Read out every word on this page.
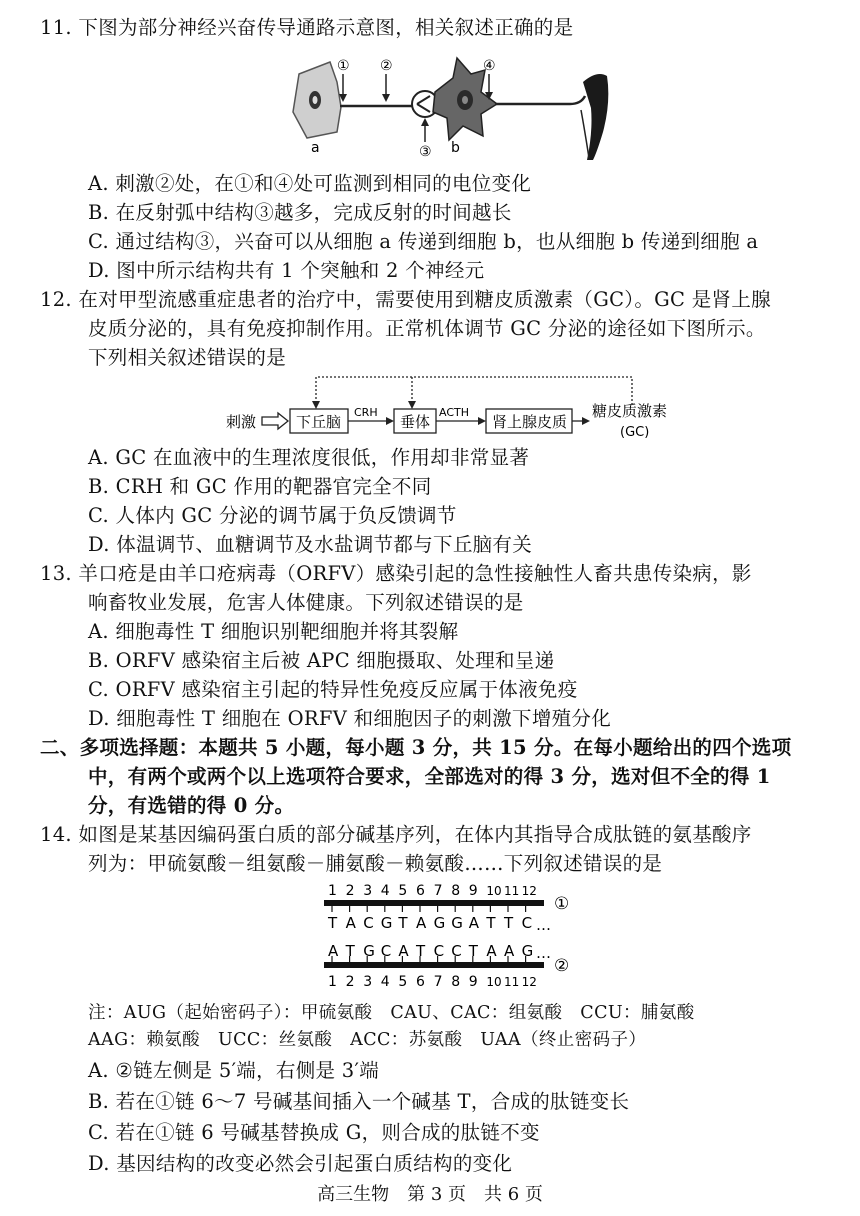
11. 下图为部分神经兴奋传导通路示意图，相关叙述正确的是
① ②	④
③
a	b
A. 刺激②处，在①和④处可监测到相同的电位变化
B. 在反射弧中结构③越多，完成反射的时间越长
C. 通过结构③，兴奋可以从细胞 a 传递到细胞 b，也从细胞 b 传递到细胞 a
D. 图中所示结构共有 1 个突触和 2 个神经元
12. 在对甲型流感重症患者的治疗中，需要使用到糖皮质激素（GC）。GC 是肾上腺
皮质分泌的，具有免疫抑制作用。正常机体调节 GC 分泌的途径如下图所示。
下列相关叙述错误的是
刺激	下丘脑
CRH
垂体
ACTH
肾上腺皮质
糖皮质激素
(GC)
A. GC 在血液中的生理浓度很低，作用却非常显著
B. CRH 和 GC 作用的靶器官完全不同
C. 人体内 GC 分泌的调节属于负反馈调节
D. 体温调节、血糖调节及水盐调节都与下丘脑有关
13. 羊口疮是由羊口疮病毒（ORFV）感染引起的急性接触性人畜共患传染病，影
响畜牧业发展，危害人体健康。下列叙述错误的是
A. 细胞毒性 T 细胞识别靶细胞并将其裂解
B. ORFV 感染宿主后被 APC 细胞摄取、处理和呈递
C. ORFV 感染宿主引起的特异性免疫反应属于体液免疫
D. 细胞毒性 T 细胞在 ORFV 和细胞因子的刺激下增殖分化
二、多项选择题：本题共 5 小题，每小题 3 分，共 15 分。在每小题给出的四个选项
中，有两个或两个以上选项符合要求，全部选对的得 3 分，选对但不全的得 1
分，有选错的得 0 分。
14. 如图是某基因编码蛋白质的部分碱基序列，在体内其指导合成肽链的氨基酸序
列为：甲硫氨酸－组氨酸－脯氨酸－赖氨酸……下列叙述错误的是
1
1
2
2
3
3
4
4
5
5
6
6
7
7
8
8
9
9
10
10
11
11
12
12
T A C G T A G G A T T C
A T G C A T C C T A A G
…
…
①
②
注：AUG（起始密码子）：甲硫氨酸　CAU、CAC：组氨酸　CCU：脯氨酸
AAG：赖氨酸　UCC：丝氨酸　ACC：苏氨酸　UAA（终止密码子）
A. ②链左侧是 5′端，右侧是 3′端
B. 若在①链 6～7 号碱基间插入一个碱基 T，合成的肽链变长
C. 若在①链 6 号碱基替换成 G，则合成的肽链不变
D. 基因结构的改变必然会引起蛋白质结构的变化
高三生物　第 3 页　共 6 页
